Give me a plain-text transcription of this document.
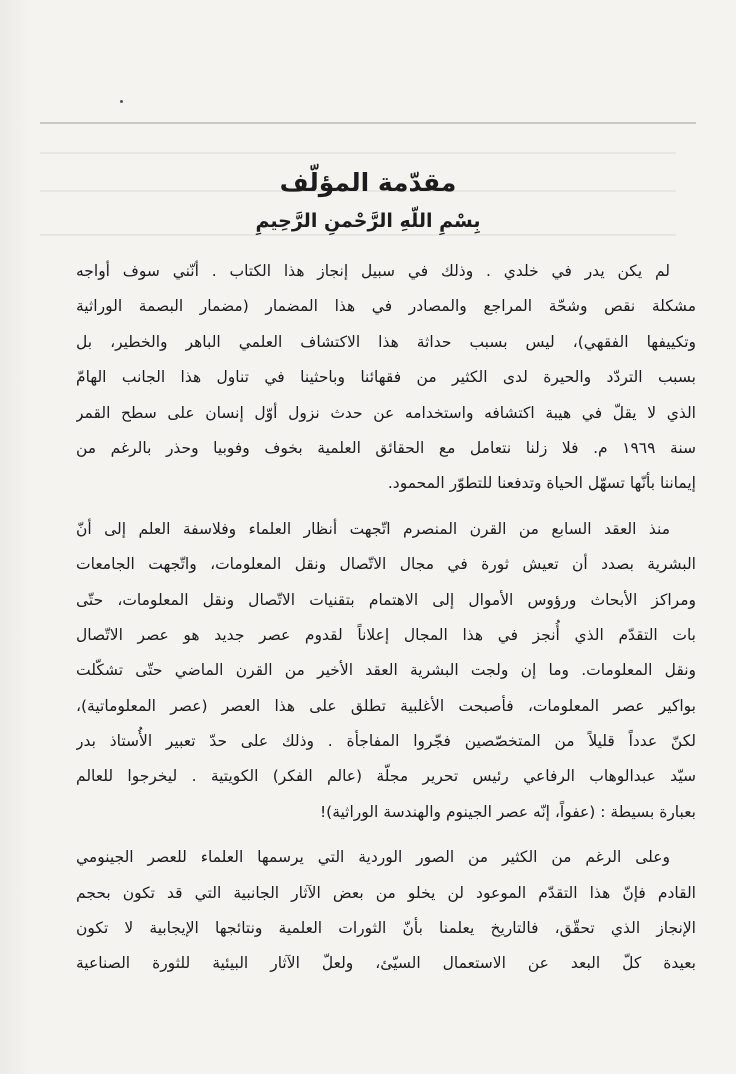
مقدّمة المؤلّف
بِسْمِ اللّهِ الرَّحْمنِ الرَّحِيمِ
لم يكن يدر في خلدي . وذلك في سبيل إنجاز هذا الكتاب . أنّني سوف أواجه
مشكلة نقص وشحّة المراجع والمصادر في هذا المضمار (مضمار البصمة الوراثية
وتكييفها الفقهي)، ليس بسبب حداثة هذا الاكتشاف العلمي الباهر والخطير، بل
بسبب التردّد والحيرة لدى الكثير من فقهائنا وباحثينا في تناول هذا الجانب الهامّ
الذي لا يقلّ في هيبة اكتشافه واستخدامه عن حدث نزول أوّل إنسان على سطح القمر
سنة ١٩٦٩ م. فلا زلنا نتعامل مع الحقائق العلمية بخوف وفوبيا وحذر بالرغم من
إيماننا بأنّها تسهّل الحياة وتدفعنا للتطوّر المحمود.
منذ العقد السابع من القرن المنصرم اتّجهت أنظار العلماء وفلاسفة العلم إلى أنّ
البشرية بصدد أن تعيش ثورة في مجال الاتّصال ونقل المعلومات، واتّجهت الجامعات
ومراكز الأبحاث ورؤوس الأموال إلى الاهتمام بتقنيات الاتّصال ونقل المعلومات، حتّى
بات التقدّم الذي أُنجز في هذا المجال إعلاناً لقدوم عصر جديد هو عصر الاتّصال
ونقل المعلومات. وما إن ولجت البشرية العقد الأخير من القرن الماضي حتّى تشكّلت
بواكير عصر المعلومات، فأصبحت الأغلبية تطلق على هذا العصر (عصر المعلوماتية)،
لكنّ عدداً قليلاً من المتخصّصين فجّروا المفاجأة . وذلك على حدّ تعبير الأُستاذ بدر
سيّد عبدالوهاب الرفاعي رئيس تحرير مجلّة (عالم الفكر) الكويتية . ليخرجوا للعالم
بعبارة بسيطة : (عفواً، إنّه عصر الجينوم والهندسة الوراثية)!
وعلى الرغم من الكثير من الصور الوردية التي يرسمها العلماء للعصر الجينومي
القادم فإنّ هذا التقدّم الموعود لن يخلو من بعض الآثار الجانبية التي قد تكون بحجم
الإنجاز الذي تحقّق، فالتاريخ يعلمنا بأنّ الثورات العلمية ونتائجها الإيجابية لا تكون
بعيدة كلّ البعد عن الاستعمال السيّئ، ولعلّ الآثار البيئية للثورة الصناعية
